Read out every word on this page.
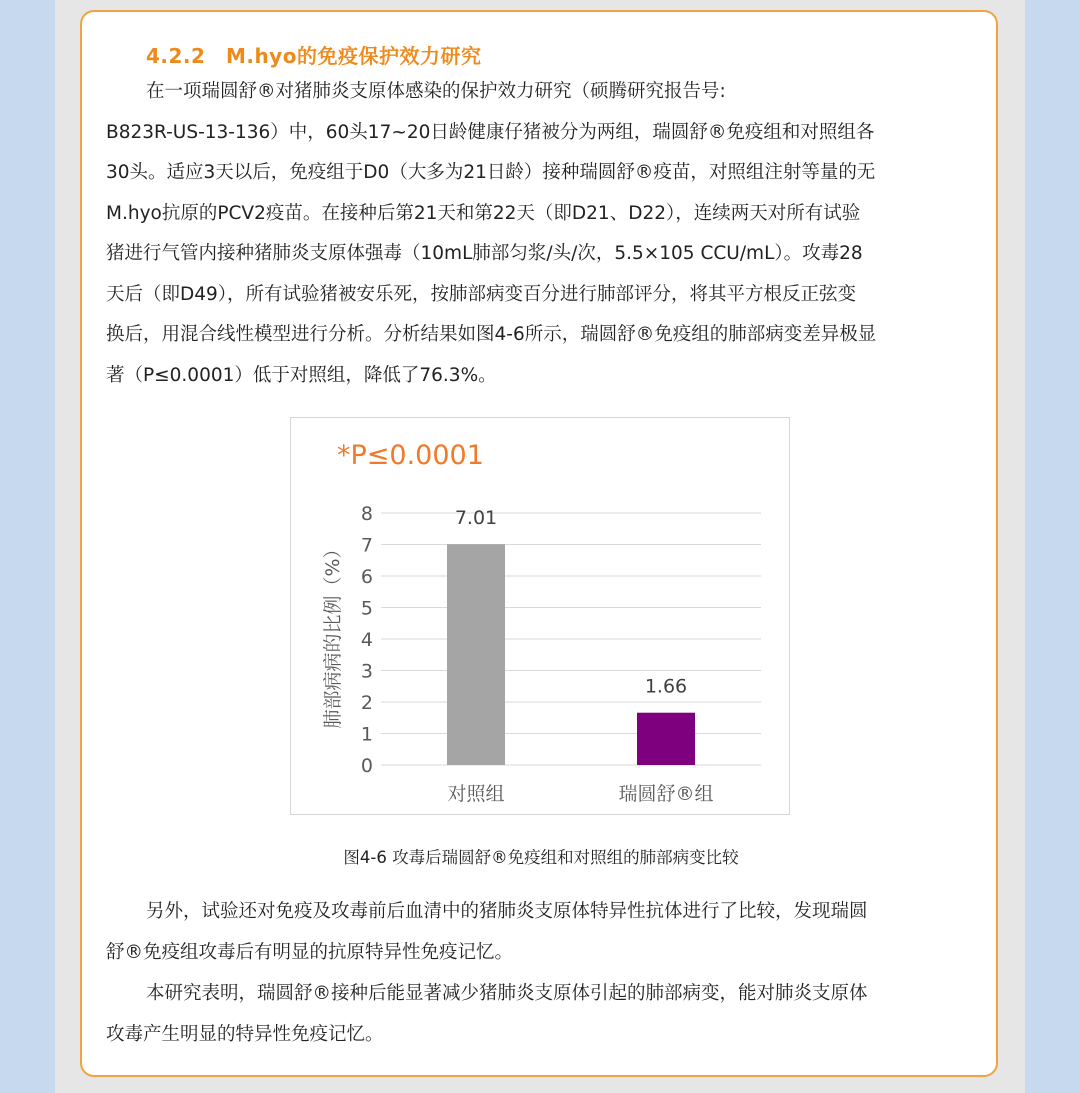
4.2.2　M.hyo的免疫保护效力研究
在一项瑞圆舒®对猪肺炎支原体感染的保护效力研究（硕腾研究报告号:
B823R-US-13-136）中，60头17~20日龄健康仔猪被分为两组，瑞圆舒®免疫组和对照组各
30头。适应3天以后，免疫组于D0（大多为21日龄）接种瑞圆舒®疫苗，对照组注射等量的无
M.hyo抗原的PCV2疫苗。在接种后第21天和第22天（即D21、D22），连续两天对所有试验
猪进行气管内接种猪肺炎支原体强毒（10mL肺部匀浆/头/次，5.5×105 CCU/mL）。攻毒28
天后（即D49），所有试验猪被安乐死，按肺部病变百分进行肺部评分，将其平方根反正弦变
换后，用混合线性模型进行分析。分析结果如图4-6所示，瑞圆舒®免疫组的肺部病变差异极显
著（P≤0.0001）低于对照组，降低了76.3%。
*P≤0.0001
0
1
2
3
4
5
6
7
8
肺部病病的比例（%）
7.01
对照组
1.66
瑞圆舒®组
图4-6 攻毒后瑞圆舒®免疫组和对照组的肺部病变比较
另外，试验还对免疫及攻毒前后血清中的猪肺炎支原体特异性抗体进行了比较，发现瑞圆
舒®免疫组攻毒后有明显的抗原特异性免疫记忆。
本研究表明，瑞圆舒®接种后能显著减少猪肺炎支原体引起的肺部病变，能对肺炎支原体
攻毒产生明显的特异性免疫记忆。
